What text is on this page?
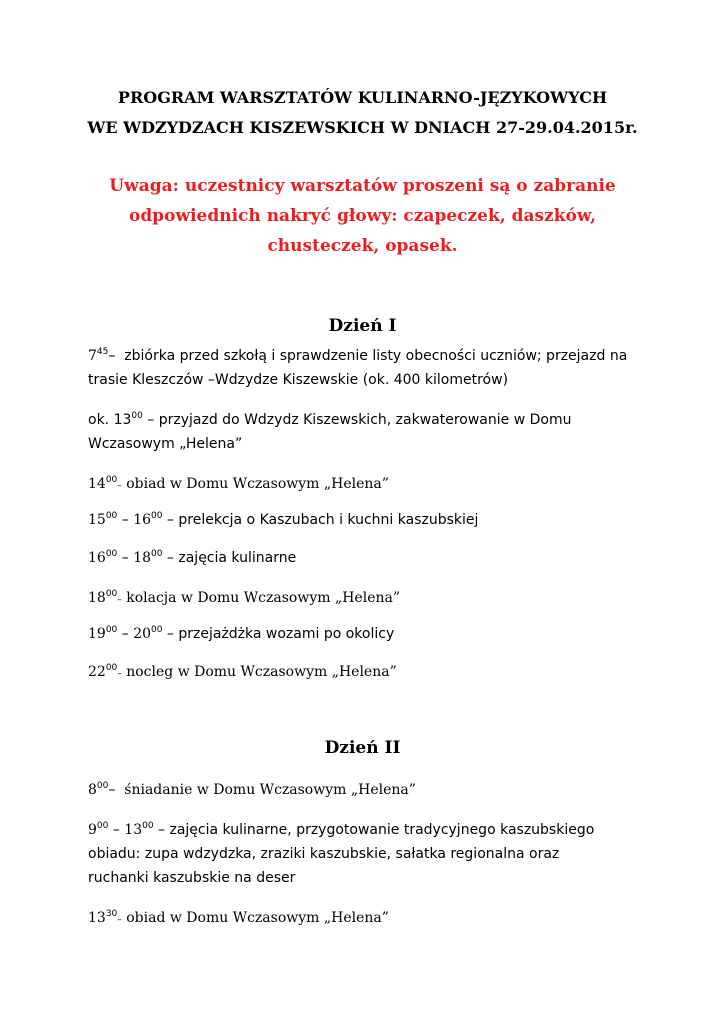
PROGRAM WARSZTATÓW KULINARNO-JĘZYKOWYCH
WE WDZYDZACH KISZEWSKICH W DNIACH 27-29.04.2015r.
Uwaga: uczestnicy warsztatów proszeni są o zabranie
odpowiednich nakryć głowy: czapeczek, daszków,
chusteczek, opasek.
Dzień I
$7^{45}-$ zbiórka przed szkołą i sprawdzenie listy obecności uczniów; przejazd na
trasie Kleszczów –Wdzydze Kiszewskie (ok. 400 kilometrów)
ok. $13^{00}$ – przyjazd do Wdzydz Kiszewskich, zakwaterowanie w Domu
Wczasowym „Helena”
$14^{00}-$ obiad w Domu Wczasowym „Helena”
$15^{00} - 16^{00}$ – prelekcja o Kaszubach i kuchni kaszubskiej
$16^{00} - 18^{00}$ – zajęcia kulinarne
$18^{00}-$ kolacja w Domu Wczasowym „Helena”
$19^{00} - 20^{00}$ – przejażdżka wozami po okolicy
$22^{00}-$ nocleg w Domu Wczasowym „Helena”
Dzień II
$8^{00}-$ śniadanie w Domu Wczasowym „Helena”
$9^{00} - 13^{00}$ – zajęcia kulinarne, przygotowanie tradycyjnego kaszubskiego
obiadu: zupa wdzydzka, zraziki kaszubskie, sałatka regionalna oraz
ruchanki kaszubskie na deser
$13^{30}-$ obiad w Domu Wczasowym „Helena”
